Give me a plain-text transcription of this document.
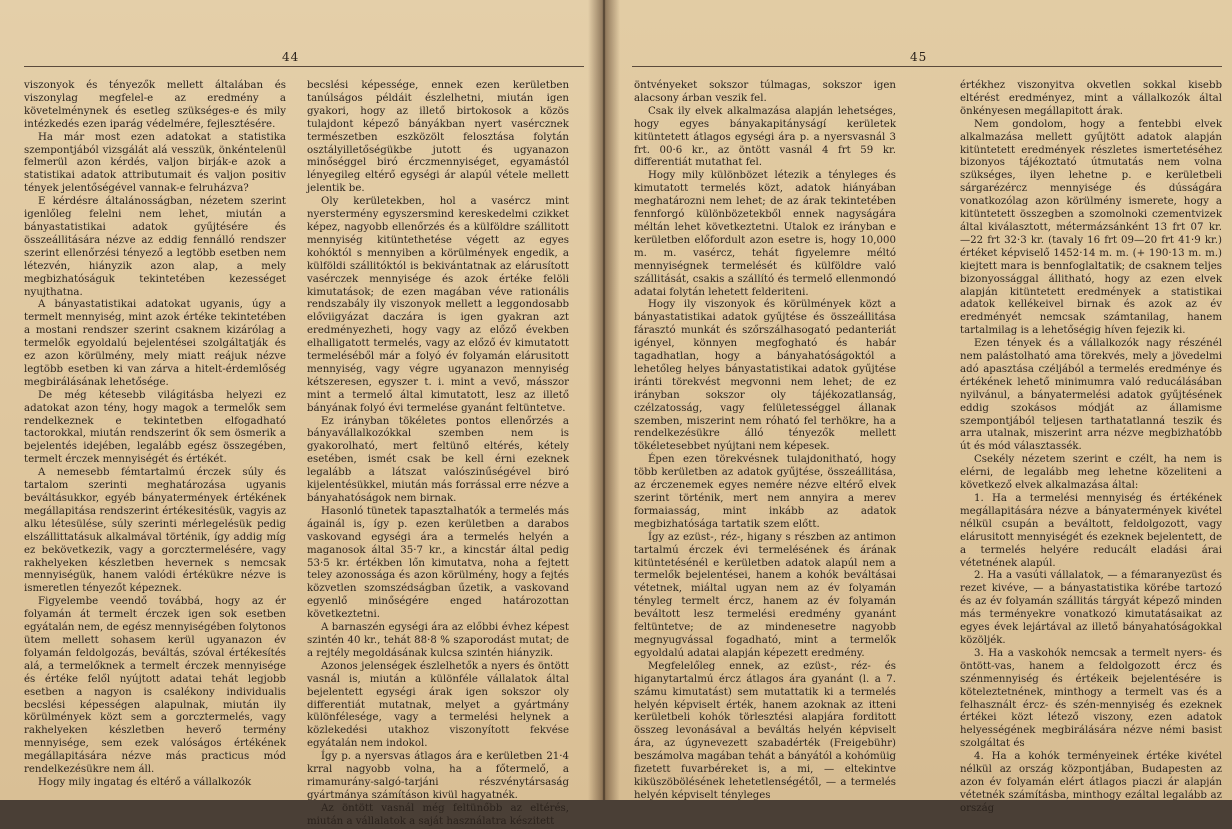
44

viszonyok és tényezők mellett általában és viszonylag megfelel-e az eredmény a követelménynek és esetleg szükséges-e és mily intézkedés ezen iparág védelmére, fejlesztésére.

Ha már most ezen adatokat a statistika szempontjából vizsgálát alá vesszük, önkéntelenül felmerül azon kérdés, valjon birják-e azok a statistikai adatok attributumait és valjon positiv tények jelentőségével vannak-e felruházva?

E kérdésre általánosságban, nézetem szerint igenlőleg felelni nem lehet, miután a bányastatistikai adatok gyűjtésére és összeállitására nézve az eddig fennálló rendszer szerint ellenőrzési tényező a legtöbb esetben nem létezvén, hiányzik azon alap, a mely megbizhatóságuk tekintetében kezességet nyujthatna.

A bányastatistikai adatokat ugyanis, úgy a termelt mennyiség, mint azok értéke tekintetében a mostani rendszer szerint csaknem kizárólag a termelők egyoldalú bejelentései szolgáltatják és ez azon körülmény, mely miatt reájuk nézve legtöbb esetben ki van zárva a hitelt-érdemlőség megbirálásának lehetősége.

De még kétesebb világitásba helyezi ez adatokat azon tény, hogy magok a termelők sem rendelkeznek e tekintetben elfogadható tactorokkal, miután rendszerint ők sem ösmerik a bejelentés idejében, legalább egész összegében, termelt érczek mennyiségét és értékét.

A nemesebb fémtartalmú érczek súly és tartalom szerinti meghatározása ugyanis beváltásukkor, egyéb bányatermények értékének megállapitása rendszerint értékesitésük, vagyis az alku létesülése, súly szerinti mérlegelésük pedig elszállittatásuk alkalmával történik, így addig míg ez bekövetkezik, vagy a gorcztermelésére, vagy rakhelyeken készletben hevernek s nemcsak mennyiségük, hanem valódi értékükre nézve is ismeretlen tényezőt képeznek.

Figyelembe veendő továbbá, hogy az ér folyamán át termelt érczek igen sok esetben egyátalán nem, de egész mennyiségében folytonos ütem mellett sohasem kerül ugyanazon év folyamán feldolgozás, beváltás, szóval értékesítés alá, a termelőknek a termelt érczek mennyisége és értéke felől nyújtott adatai tehát legjobb esetben a nagyon is csalékony individualis becslési képességen alapulnak, miután ily körülmények közt sem a gorcztermelés, vagy rakhelyeken készletben heverő termény mennyisége, sem ezek valóságos értékének megállapitására nézve más practicus mód rendelkezésükre nem áll.

Hogy mily ingatag és eltérő a vállalkozók

becslési képessége, ennek ezen kerületben tanúlságos példáit észlelhetni, miután igen gyakori, hogy az illető birtokosok a közös tulajdont képező bányákban nyert vasércznek természetben eszközölt felosztása folytán osztályilletőségükbe jutott és ugyanazon minőséggel biró érczmennyiséget, egyamástól lényegileg eltérő egységi ár alapúl vétele mellett jelentik be.

Oly kerületekben, hol a vasércz mint nyerstermény egyszersmind kereskedelmi czikket képez, nagyobb ellenőrzés és a külföldre szállitott mennyiség kitüntethetése végett az egyes kohóktól s mennyiben a körülmények engedik, a külföldi szállitóktól is bekivántatnak az elárusított vasérczek mennyisége és azok értéke felöli kimutatások; de ezen magában véve rationális rendszabály ily viszonyok mellett a leggondosabb előviigyázat daczára is igen gyakran azt eredményezheti, hogy vagy az előző években elhalligatott termelés, vagy az előző év kimutatott termeléséből már a folyó év folyamán elárusitott mennyiség, vagy végre ugyanazon mennyiség kétszeresen, egyszer t. i. mint a vevő, másszor mint a termelő által kimutatott, lesz az illető bányának folyó évi termelése gyanánt feltüntetve.

Ez irányban tökéletes pontos ellenőrzés a bányavállalkozókkal szemben nem is gyakorolható, mert feltünő eltérés, kétely esetében, ismét csak be kell érni ezeknek legalább a látszat valószinűségével biró kijelentésükkel, miután más forrással erre nézve a bányahatóságok nem birnak.

Hasonló tünetek tapasztalhatók a termelés más ágainál is, így p. ezen kerületben a darabos vaskovand egységi ára a termelés helyén a maganosok által 35·7 kr., a kincstár által pedig 53·5 kr. értékben lőn kimutatva, noha a fejtett teley azonossága és azon körülmény, hogy a fejtés közvetlen szomszédságban űzetik, a vaskovand egyenlő minőségére enged határozottan következtetni.

A barnaszén egységi ára az előbbi évhez képest szintén 40 kr., tehát 88·8 % szaporodást mutat; de a rejtély megoldásának kulcsa szintén hiányzik.

Azonos jelenségek észlelhetők a nyers és öntött vasnál is, miután a különféle vállalatok által bejelentett egységi árak igen sokszor oly differentiát mutatnak, melyet a gyártmány különfélesége, vagy a termelési helynek a közlekedési utakhoz viszonyított fekvése egyátalán nem indokol.

Így p. a nyersvas átlagos ára e kerületben 21·4 krral nagyobb volna, ha a főtermelő, a rimamurány-salgó-tarjáni részvénytársaság gyártmánya számításon kivül hagyatnék.

Az öntött vasnál még feltünőbb az eltérés, miután a vállalatok a saját használatra készitett

45

öntvényeket sokszor túlmagas, sokszor igen alacsony árban veszik fel.

Csak ily elvek alkalmazása alapján lehetséges, hogy egyes bányakapitányságí kerületek kitüntetett átlagos egységi ára p. a nyersvasnál 3 frt. 00·6 kr., az öntött vasnál 4 frt 59 kr. differentiát mutathat fel.

Hogy mily különbözet létezik a tényleges és kimutatott termelés közt, adatok hiányában meghatározni nem lehet; de az árak tekintetében fennforgó különbözetekből ennek nagyságára méltán lehet következtetni. Utalok ez irányban e kerületben előfordult azon esetre is, hogy 10,000 m. m. vasércz, tehát figyelemre méltó mennyiségnek termelését és külföldre való szállitását, csakis a szállító és termelő ellenmondó adatai folytán lehetett felderiteni.

Hogy ily viszonyok és körülmények közt a bányastatistikai adatok gyűjtése és összeállitása fárasztó munkát és szőrszálhasogató pedanteriát igényel, könnyen megfogható és habár tagadhatlan, hogy a bányahatóságoktól a lehetőleg helyes bányastatistikai adatok gyűjtése iránti törekvést megvonni nem lehet; de ez irányban sokszor oly tájékozatlanság, czélzatosság, vagy felületességgel állanak szemben, miszerint nem róható fel terhökre, ha a rendelkezésükre álló tényezők mellett tökéletesebbet nyújtani nem képesek.

Épen ezen törekvésnek tulajdonitható, hogy több kerületben az adatok gyűjtése, összeállitása, az érczenemek egyes nemére nézve eltérő elvek szerint történik, mert nem annyira a merev formaiasság, mint inkább az adatok megbizhatósága tartatik szem előtt.

Így az ezüst-, réz-, higany s részben az antimon tartalmú érczek évi termelésének és árának kitüntetésénél e kerületben adatok alapúl nem a termelők bejelentései, hanem a kohók beváltásai vétetnek, miáltal ugyan nem az év folyamán tényleg termelt ércz, hanem az év folyamán beváltott lesz termelési eredmény gyanánt feltüntetve; de az mindenesetre nagyobb megnyugvással fogadható, mint a termelők egyoldalú adatai alapján képezett eredmény.

Megfelelőleg ennek, az ezüst-, réz- és higanytartalmú ércz átlagos ára gyanánt (l. a 7. számu kimutatást) sem mutattatik ki a termelés helyén képviselt érték, hanem azoknak az itteni kerületbeli kohók törlesztési alapjára forditott összeg levonásával a beváltás helyén képviselt ára, az úgynevezett szabadérték (Freigebühr) beszámolva magában tehát a bányától a kohómüig fizetett fuvarbéreket is, a mi, — eltekintve kiküszöbölésének lehetetlenségétől, — a termelés helyén képviselt tényleges

értékhez viszonyitva okvetlen sokkal kisebb eltérést eredményez, mint a vállalkozók által önkényesen megállapitott árak.

Nem gondolom, hogy a fentebbi elvek alkalmazása mellett gyűjtött adatok alapján kitüntetett eredmények részletes ismertetéséhez bizonyos tájékoztató útmutatás nem volna szükséges, ilyen lehetne p. e kerületbeli sárgarézércz mennyisége és dússágára vonatkozólag azon körülmény ismerete, hogy a kitüntetett összegben a szomolnoki czementvizek által kiválasztott, métermázsánként 13 frt 07 kr. —22 frt 32·3 kr. (tavaly 16 frt 09—20 frt 41·9 kr.) értéket képviselő 1452·14 m. m. (+ 190·13 m. m.) kiejtett mara is bennfoglaltatik; de csaknem teljes bizonyossággal állitható, hogy az ezen elvek alapján kitüntetett eredmények a statistikai adatok kellékeivel birnak és azok az év eredményét nemcsak számtanilag, hanem tartalmilag is a lehetőségig híven fejezik ki.

Ezen tények és a vállalkozók nagy részénél nem palástolható ama törekvés, mely a jövedelmi adó apasztása czéljából a termelés eredménye és értékének lehető minimumra való reducálásában nyilvánul, a bányatermelési adatok gyűjtésének eddig szokásos módját az államisme szempontjából teljesen tarthatatlanná teszik és arra utalnak, miszerint arra nézve megbizhatóbb út és mód választassék.

Csekély nézetem szerint e czélt, ha nem is elérni, de legalább meg lehetne közeliteni a következő elvek alkalmazása által:

1. Ha a termelési mennyiség és értékének megállapitására nézve a bányatermények kivétel nélkül csupán a beváltott, feldolgozott, vagy elárusitott mennyiségét és ezeknek bejelentett, de a termelés helyére reducált eladási árai vétetnének alapúl.

2. Ha a vasúti vállalatok, — a fémaranyezüst és rezet kivéve, — a bányastatistika körébe tartozó és az év folyamán szállitás tárgyát képező minden más terményekre vonatkozó kimutatásaikat az egyes évek lejártával az illető bányahatóságokkal közöljék.

3. Ha a vaskohók nemcsak a termelt nyers- és öntött-vas, hanem a feldolgozott ércz és szénmennyiség és értékeik bejelentésére is köteleztetnének, minthogy a termelt vas és a felhasznált ércz- és szén-mennyiség és ezeknek értékei közt létező viszony, ezen adatok helyességének megbirálására nézve némi basist szolgáltat és

4. Ha a kohók terményeinek értéke kivétel nélkül az ország központjában, Budapesten az azon év folyamán elért átlagos piaczi ár alapján vétetnék számításba, minthogy ezáltal legalább az ország
